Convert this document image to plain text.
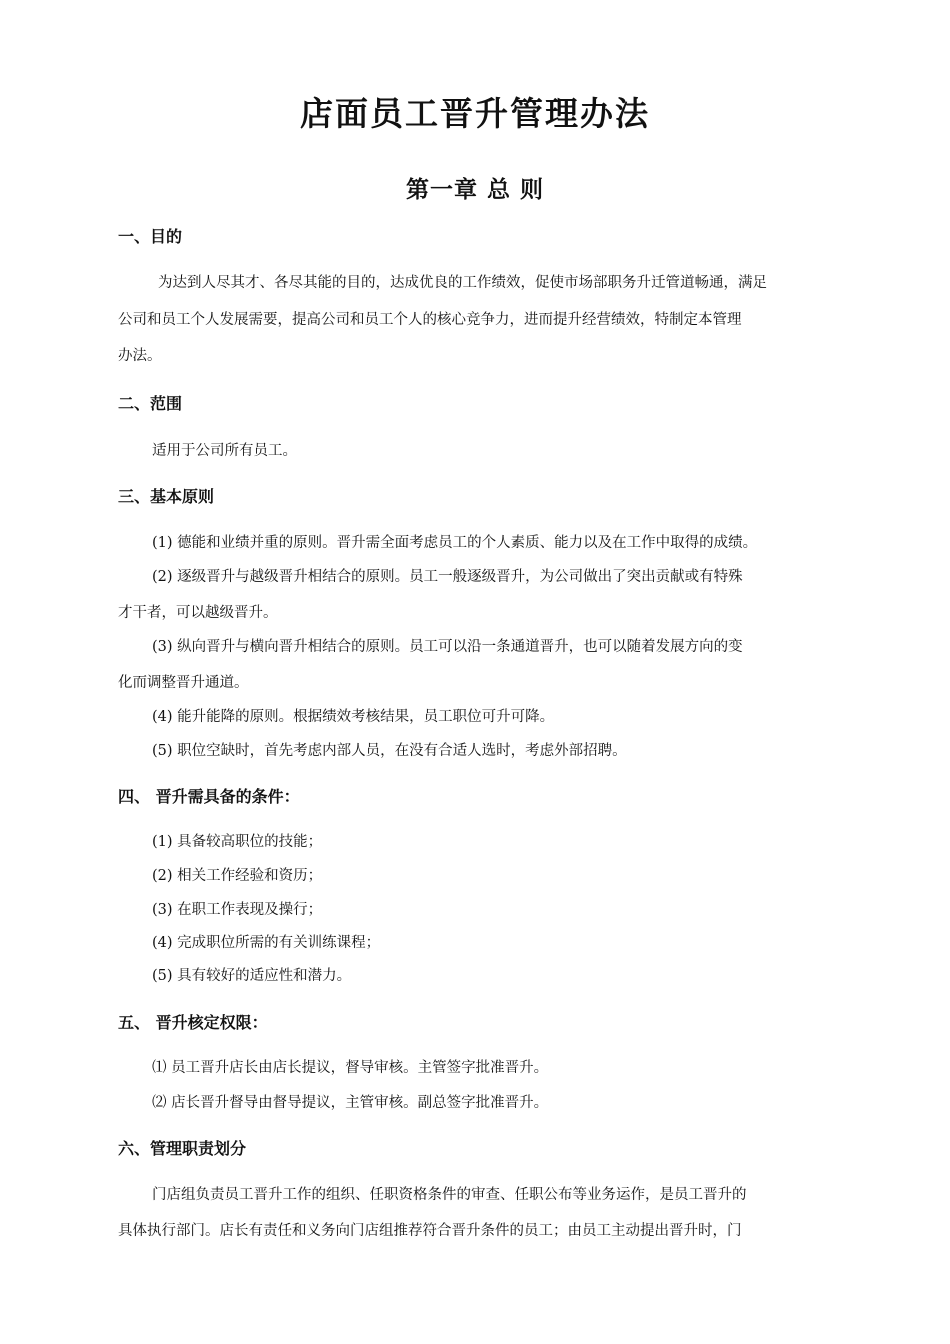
店面员工晋升管理办法
第一章 总 则
一、目的
为达到人尽其才、各尽其能的目的，达成优良的工作绩效，促使市场部职务升迁管道畅通，满足
公司和员工个人发展需要，提高公司和员工个人的核心竞争力，进而提升经营绩效，特制定本管理
办法。
二、范围
适用于公司所有员工。
三、基本原则
(1) 德能和业绩并重的原则。晋升需全面考虑员工的个人素质、能力以及在工作中取得的成绩。
(2) 逐级晋升与越级晋升相结合的原则。员工一般逐级晋升，为公司做出了突出贡献或有特殊
才干者，可以越级晋升。
(3) 纵向晋升与横向晋升相结合的原则。员工可以沿一条通道晋升，也可以随着发展方向的变
化而调整晋升通道。
(4) 能升能降的原则。根据绩效考核结果，员工职位可升可降。
(5) 职位空缺时，首先考虑内部人员，在没有合适人选时，考虑外部招聘。
四、 晋升需具备的条件：
(1) 具备较高职位的技能；
(2) 相关工作经验和资历；
(3) 在职工作表现及操行；
(4) 完成职位所需的有关训练课程；
(5) 具有较好的适应性和潜力。
五、 晋升核定权限：
⑴ 员工晋升店长由店长提议，督导审核。主管签字批准晋升。
⑵ 店长晋升督导由督导提议，主管审核。副总签字批准晋升。
六、管理职责划分
门店组负责员工晋升工作的组织、任职资格条件的审查、任职公布等业务运作，是员工晋升的
具体执行部门。店长有责任和义务向门店组推荐符合晋升条件的员工；由员工主动提出晋升时，门
